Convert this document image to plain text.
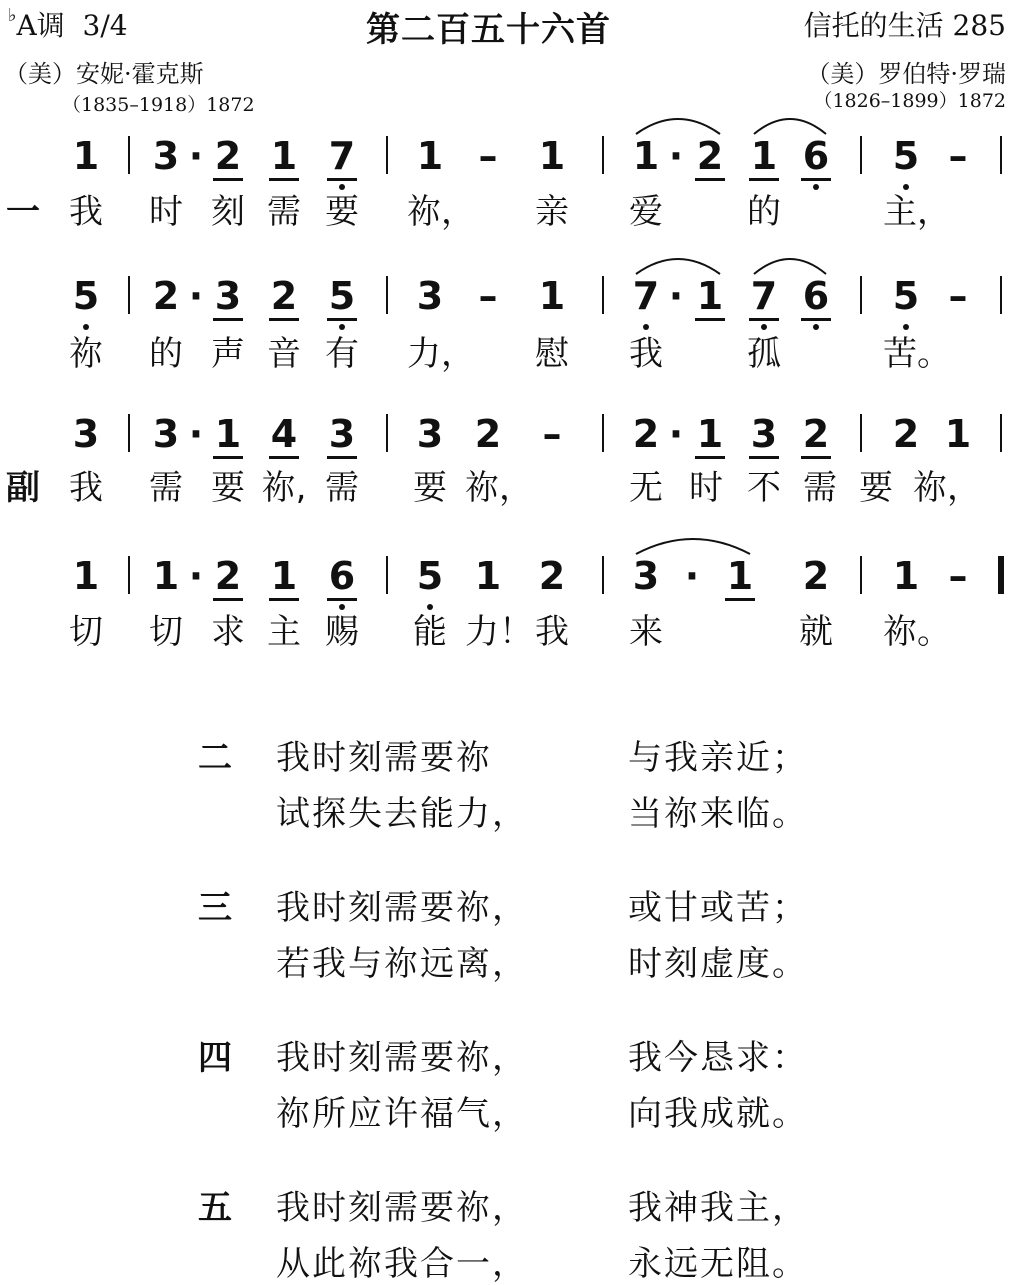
♭A调 3/4	第二百五十六首	信托的生活 285
（美）安妮·霍克斯
（1835–1918）1872
（美）罗伯特·罗瑞
（1826–1899）1872
一
1 3 · 2 1 7 1 – 1 1 · 2 1 6 5 –
我 时 刻 需 要 祢， 亲 爱 的	主，
5 2 · 3 2 5 3 – 1 7 · 1 7 6 5 –
祢 的 声 音 有 力， 慰 我 孤	苦。
副
3 3 · 1 4 3 3 2 – 2 · 1 3 2 2 1
我 需 要 祢, 需 要 祢，	无 时 不 需 要 祢，
1 1 · 2 1 6 5 1 2 3 · 1 2 1 –
切 切 求 主 赐 能 力！ 我 来	就 祢。
二 我时刻需要祢	与我亲近；
试探失去能力，	当祢来临。
三 我时刻需要祢，	或甘或苦；
若我与祢远离，	时刻虚度。
四 我时刻需要祢，	我今恳求：
祢所应许福气，	向我成就。
五 我时刻需要祢，	我神我主，
从此祢我合一，	永远无阻。
